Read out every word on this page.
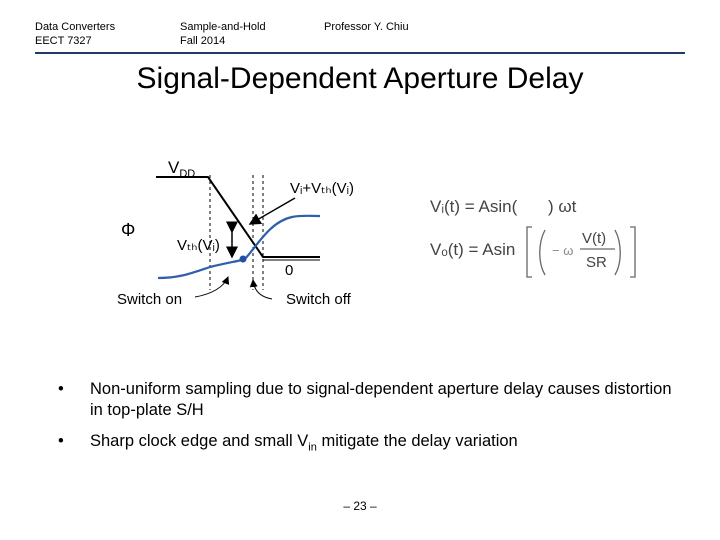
Data Converters
EECT 7327
Sample-and-Hold
Fall 2014
Professor Y. Chiu
Signal-Dependent Aperture Delay
$V_{DD}$
Φ
Vᵢ+Vₜₕ(Vᵢ)
Vₜₕ(Vᵢ)
0
Switch on	Switch off
Vᵢ(t) = Asin( ) ωt
Vₒ(t) = Asin	− ω
V(t)
SR
• Non-uniform sampling due to signal-dependent aperture delay causes distortion in top-plate S/H
• Sharp clock edge and small $V_{in}$ mitigate the delay variation
– 23 –
